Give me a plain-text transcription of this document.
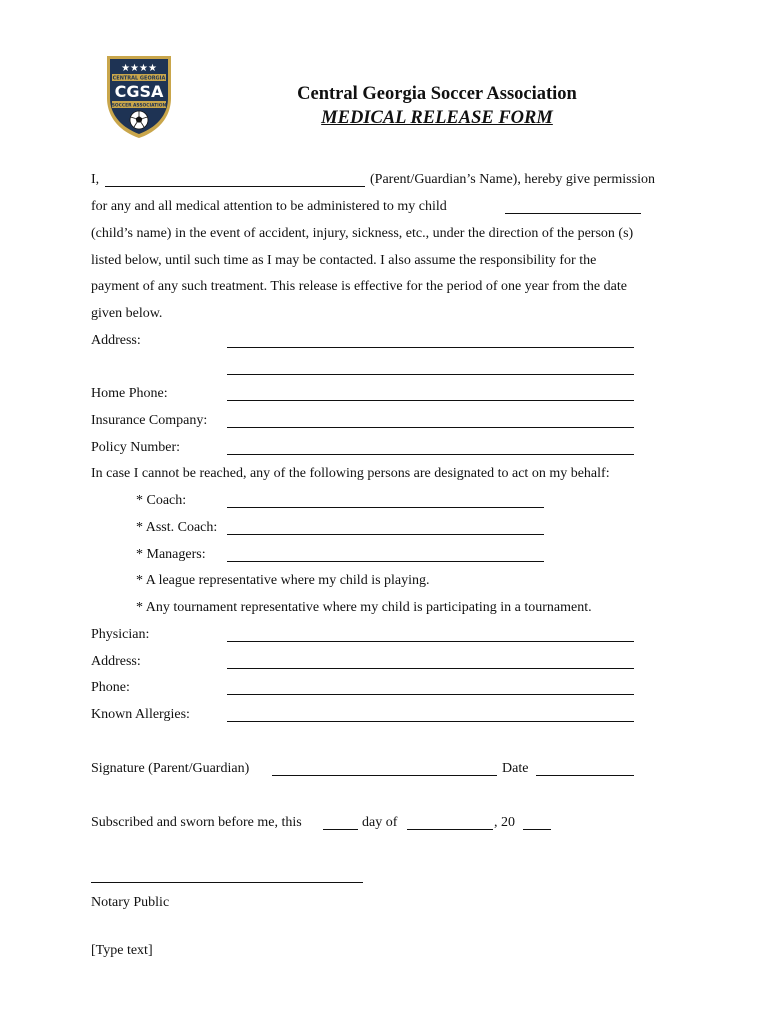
★★★★
CENTRAL GEORGIA
CGSA
SOCCER ASSOCIATION
Central Georgia Soccer Association
MEDICAL RELEASE FORM
I,	(Parent/Guardian’s Name), hereby give permission
for any and all medical attention to be administered to my child
(child’s name) in the event of accident, injury, sickness, etc., under the direction of the person (s)
listed below, until such time as I may be contacted. I also assume the responsibility for the
payment of any such treatment. This release is effective for the period of one year from the date
given below.
Address:
Home Phone:
Insurance Company:
Policy Number:
In case I cannot be reached, any of the following persons are designated to act on my behalf:
* Coach:
* Asst. Coach:
* Managers:
* A league representative where my child is playing.
* Any tournament representative where my child is participating in a tournament.
Physician:
Address:
Phone:
Known Allergies:
Signature (Parent/Guardian)	Date
Subscribed and sworn before me, this	day of	, 20
Notary Public
[Type text]
